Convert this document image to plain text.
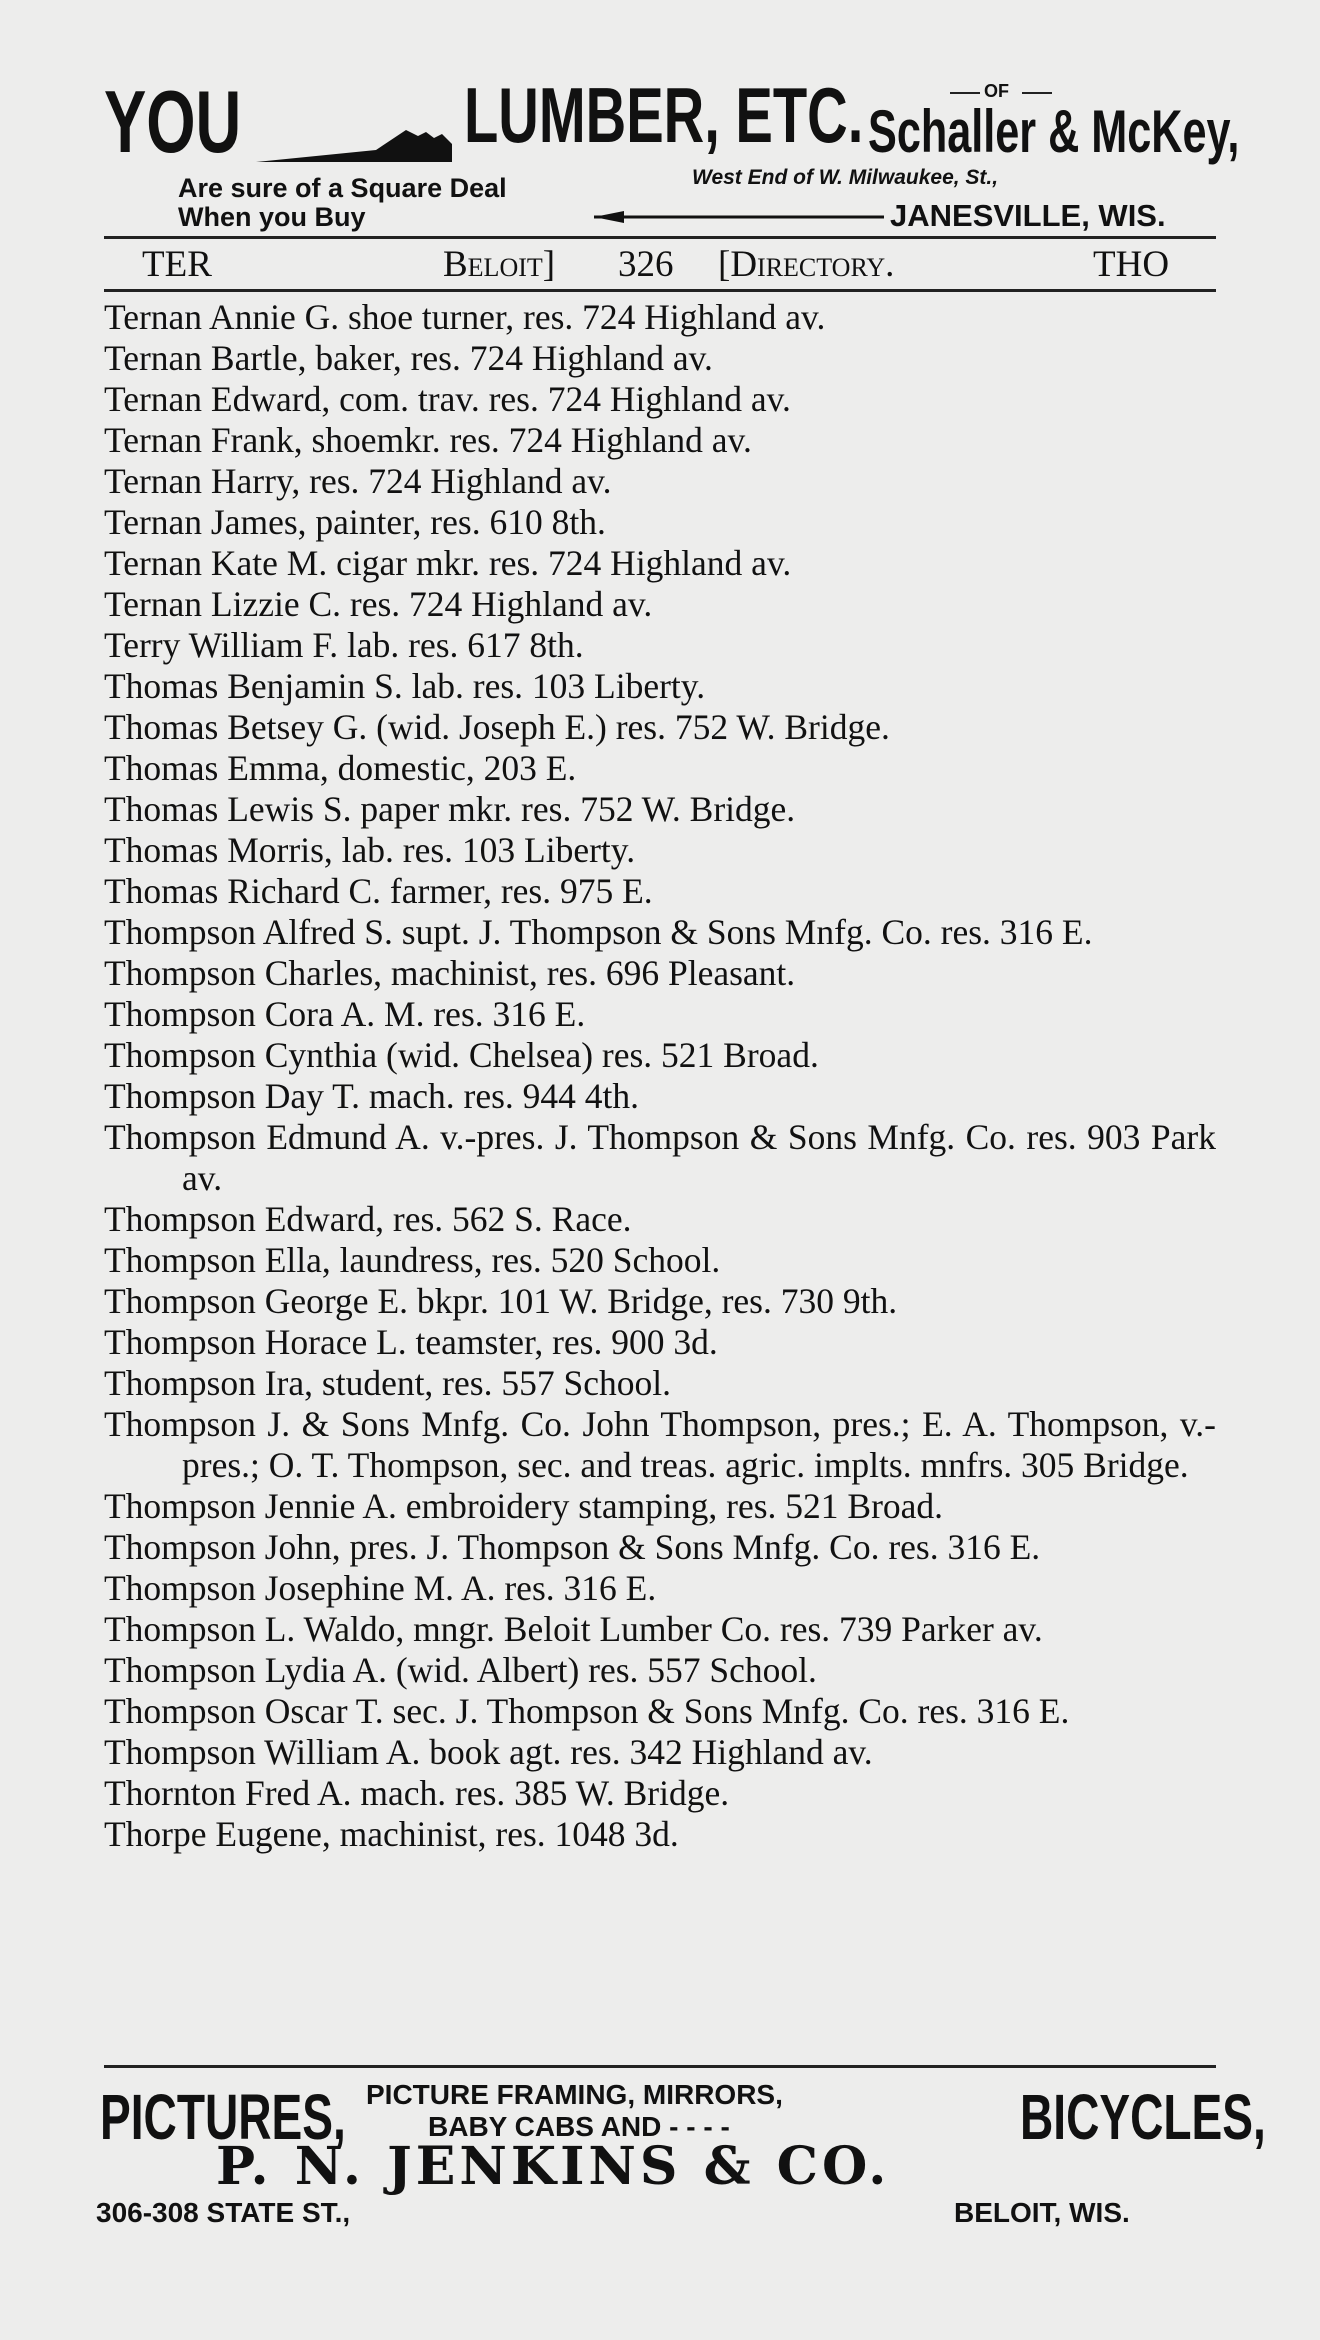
YOU	LUMBER, ETC.	OF
Schaller & McKey,
Are sure of a Square Deal
When you Buy
West End of W. Milwaukee, St.,
JANESVILLE, WIS.
TER	Beloit] 326 [Directory.	THO
Ternan Annie G. shoe turner, res. 724 Highland av.
Ternan Bartle, baker, res. 724 Highland av.
Ternan Edward, com. trav. res. 724 Highland av.
Ternan Frank, shoemkr. res. 724 Highland av.
Ternan Harry, res. 724 Highland av.
Ternan James, painter, res. 610 8th.
Ternan Kate M. cigar mkr. res. 724 Highland av.
Ternan Lizzie C. res. 724 Highland av.
Terry William F. lab. res. 617 8th.
Thomas Benjamin S. lab. res. 103 Liberty.
Thomas Betsey G. (wid. Joseph E.) res. 752 W. Bridge.
Thomas Emma, domestic, 203 E.
Thomas Lewis S. paper mkr. res. 752 W. Bridge.
Thomas Morris, lab. res. 103 Liberty.
Thomas Richard C. farmer, res. 975 E.
Thompson Alfred S. supt. J. Thompson & Sons Mnfg. Co. res. 316 E.
Thompson Charles, machinist, res. 696 Pleasant.
Thompson Cora A. M. res. 316 E.
Thompson Cynthia (wid. Chelsea) res. 521 Broad.
Thompson Day T. mach. res. 944 4th.
Thompson Edmund A. v.-pres. J. Thompson & Sons Mnfg. Co. res. 903 Park av.
Thompson Edward, res. 562 S. Race.
Thompson Ella, laundress, res. 520 School.
Thompson George E. bkpr. 101 W. Bridge, res. 730 9th.
Thompson Horace L. teamster, res. 900 3d.
Thompson Ira, student, res. 557 School.
Thompson J. & Sons Mnfg. Co. John Thompson, pres.; E. A. Thompson, v.-pres.; O. T. Thompson, sec. and treas. agric. implts. mnfrs. 305 Bridge.
Thompson Jennie A. embroidery stamping, res. 521 Broad.
Thompson John, pres. J. Thompson & Sons Mnfg. Co. res. 316 E.
Thompson Josephine M. A. res. 316 E.
Thompson L. Waldo, mngr. Beloit Lumber Co. res. 739 Parker av.
Thompson Lydia A. (wid. Albert) res. 557 School.
Thompson Oscar T. sec. J. Thompson & Sons Mnfg. Co. res. 316 E.
Thompson William A. book agt. res. 342 Highland av.
Thornton Fred A. mach. res. 385 W. Bridge.
Thorpe Eugene, machinist, res. 1048 3d.
PICTURES, PICTURE FRAMING, MIRRORS,
BABY CABS AND - - - -	BICYCLES,
P. N. JENKINS & CO.
306-308 STATE ST.,	BELOIT, WIS.
